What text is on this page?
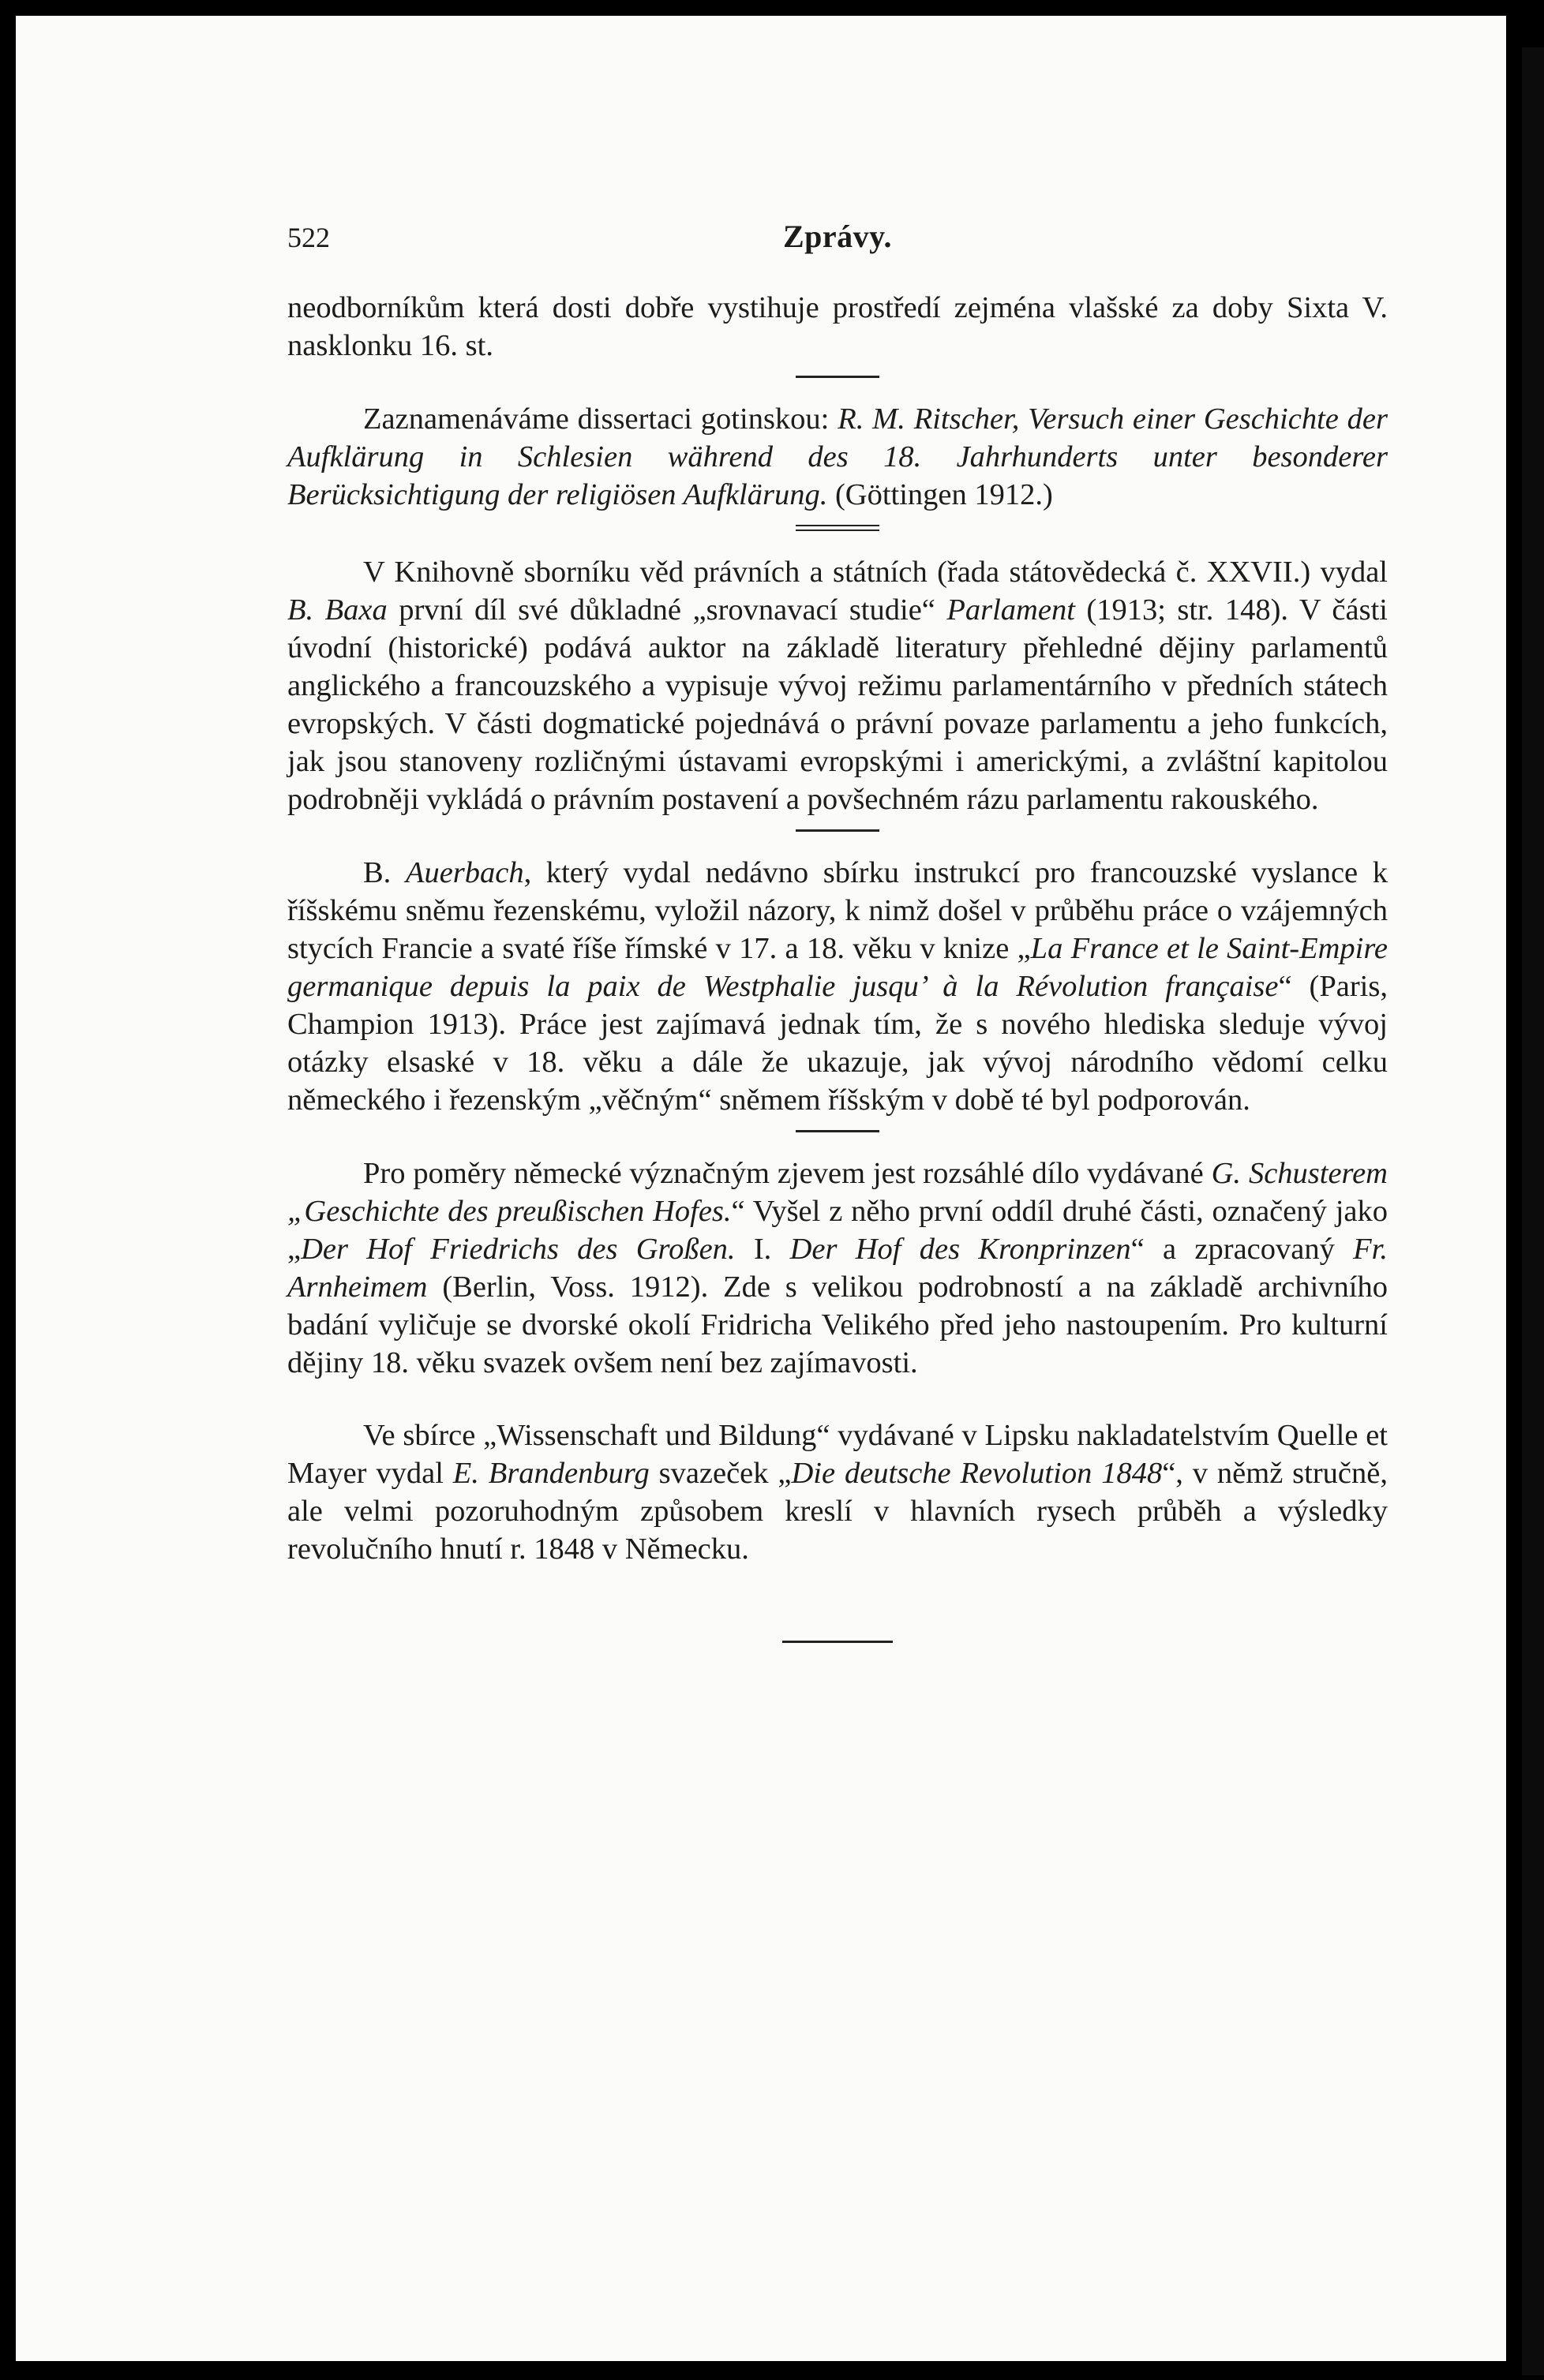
522	Zprávy.

neodborníkům která dosti dobře vystihuje prostředí zejména vlašské za doby Sixta V. nasklonku 16. st.

Zaznamenáváme dissertaci gotinskou: R. M. Ritscher, Versuch einer Geschichte der Aufklärung in Schlesien während des 18. Jahrhunderts unter besonderer Berücksichtigung der religiösen Aufklärung. (Göttingen 1912.)

V Knihovně sborníku věd právních a státních (řada státovědecká č. XXVII.) vydal B. Baxa první díl své důkladné „srovnavací studie“ Parlament (1913; str. 148). V části úvodní (historické) podává auktor na základě literatury přehledné dějiny parlamentů anglického a francouzského a vypisuje vývoj režimu parlamentárního v předních státech evropských. V části dogmatické pojednává o právní povaze parlamentu a jeho funkcích, jak jsou stanoveny rozličnými ústavami evropskými i americkými, a zvláštní kapitolou podrobněji vykládá o právním postavení a povšechném rázu parlamentu rakouského.

B. Auerbach, který vydal nedávno sbírku instrukcí pro francouzské vyslance k říšskému sněmu řezenskému, vyložil názory, k nimž došel v průběhu práce o vzájemných stycích Francie a svaté říše římské v 17. a 18. věku v knize „La France et le Saint-Empire germanique depuis la paix de Westphalie jusqu’ à la Révolution française“ (Paris, Champion 1913). Práce jest zajímavá jednak tím, že s nového hlediska sleduje vývoj otázky elsaské v 18. věku a dále že ukazuje, jak vývoj národního vědomí celku německého i řezenským „věčným“ sněmem říšským v době té byl podporován.

Pro poměry německé význačným zjevem jest rozsáhlé dílo vydávané G. Schusterem „Geschichte des preußischen Hofes.“ Vyšel z něho první oddíl druhé části, označený jako „Der Hof Friedrichs des Großen. I. Der Hof des Kronprinzen“ a zpracovaný Fr. Arnheimem (Berlin, Voss. 1912). Zde s velikou podrobností a na základě archivního badání vyličuje se dvorské okolí Fridricha Velikého před jeho nastoupením. Pro kulturní dějiny 18. věku svazek ovšem není bez zajímavosti.

Ve sbírce „Wissenschaft und Bildung“ vydávané v Lipsku nakladatelstvím Quelle et Mayer vydal E. Brandenburg svazeček „Die deutsche Revolution 1848“, v němž stručně, ale velmi pozoruhodným způsobem kreslí v hlavních rysech průběh a výsledky revolučního hnutí r. 1848 v Německu.
